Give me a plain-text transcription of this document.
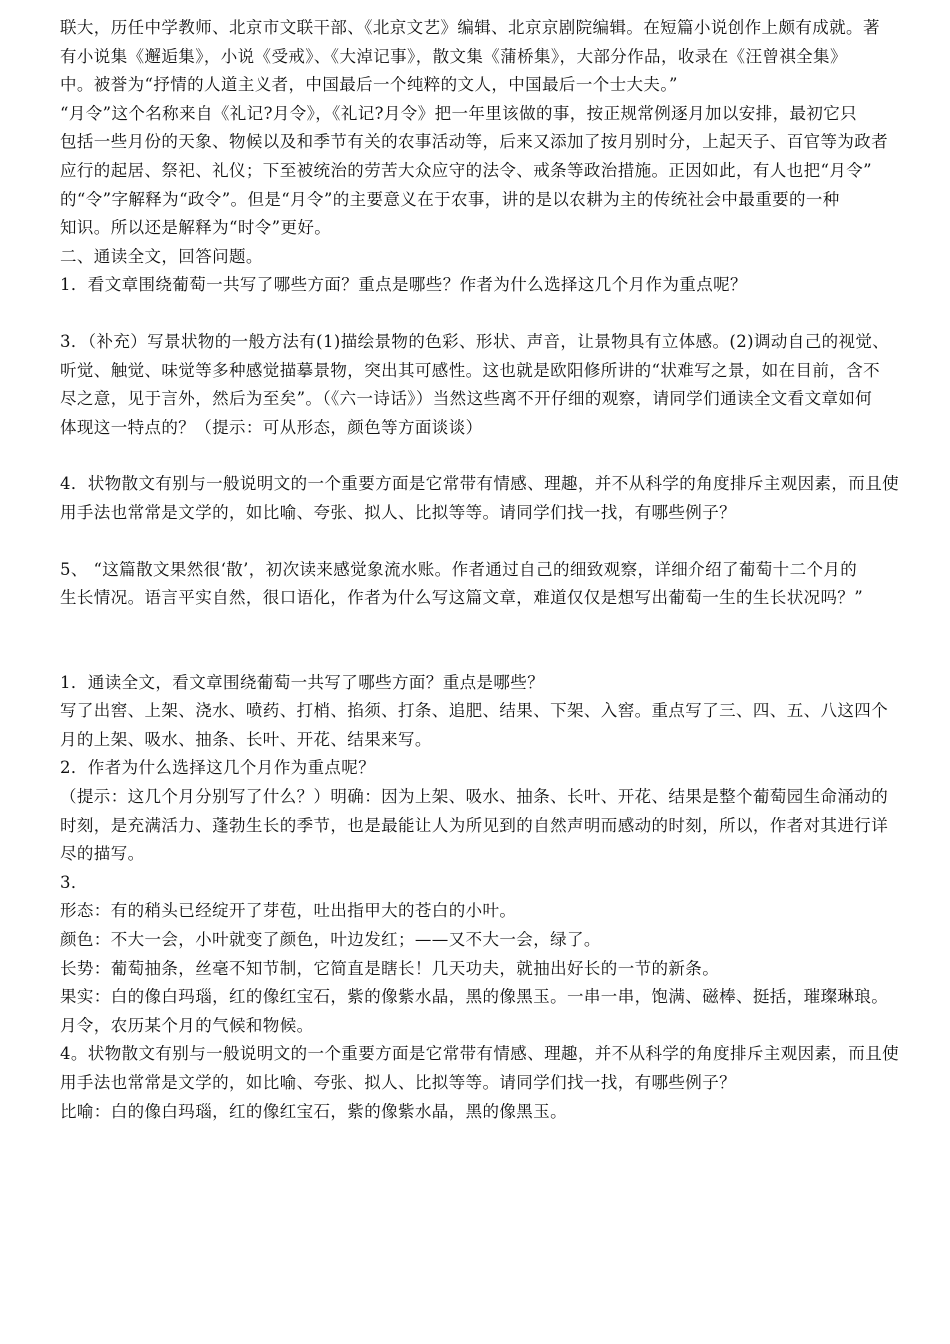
联大，历任中学教师、北京市文联干部、《北京文艺》编辑、北京京剧院编辑。在短篇小说创作上颇有成就。著
有小说集《邂逅集》，小说《受戒》、《大淖记事》，散文集《蒲桥集》，大部分作品，收录在《汪曾祺全集》
中。被誉为“抒情的人道主义者，中国最后一个纯粹的文人，中国最后一个士大夫。”
“月令”这个名称来自《礼记?月令》，《礼记?月令》把一年里该做的事，按正规常例逐月加以安排，最初它只
包括一些月份的天象、物候以及和季节有关的农事活动等，后来又添加了按月别时分，上起天子、百官等为政者
应行的起居、祭祀、礼仪；下至被统治的劳苦大众应守的法令、戒条等政治措施。正因如此，有人也把“月令”
的“令”字解释为“政令”。但是“月令”的主要意义在于农事，讲的是以农耕为主的传统社会中最重要的一种
知识。所以还是解释为“时令”更好。
二、通读全文，回答问题。
1．看文章围绕葡萄一共写了哪些方面？重点是哪些？作者为什么选择这几个月作为重点呢？
3．（补充）写景状物的一般方法有(1)描绘景物的色彩、形状、声音，让景物具有立体感。(2)调动自己的视觉、
听觉、触觉、味觉等多种感觉描摹景物，突出其可感性。这也就是欧阳修所讲的“状难写之景，如在目前，含不
尽之意，见于言外，然后为至矣”。（《六一诗话》）当然这些离不开仔细的观察，请同学们通读全文看文章如何
体现这一特点的？（提示：可从形态，颜色等方面谈谈）
4．状物散文有别与一般说明文的一个重要方面是它常带有情感、理趣，并不从科学的角度排斥主观因素，而且使
用手法也常常是文学的，如比喻、夸张、拟人、比拟等等。请同学们找一找，有哪些例子？
5、 “这篇散文果然很‘散’，初次读来感觉象流水账。作者通过自己的细致观察，详细介绍了葡萄十二个月的
生长情况。语言平实自然，很口语化，作者为什么写这篇文章，难道仅仅是想写出葡萄一生的生长状况吗？”
1．通读全文，看文章围绕葡萄一共写了哪些方面？重点是哪些？
写了出窖、上架、浇水、喷药、打梢、掐须、打条、追肥、结果、下架、入窖。重点写了三、四、五、八这四个
月的上架、吸水、抽条、长叶、开花、结果来写。
2．作者为什么选择这几个月作为重点呢？
（提示：这几个月分别写了什么？）明确：因为上架、吸水、抽条、长叶、开花、结果是整个葡萄园生命涌动的
时刻，是充满活力、蓬勃生长的季节，也是最能让人为所见到的自然声明而感动的时刻，所以，作者对其进行详
尽的描写。
3．
形态：有的稍头已经绽开了芽苞，吐出指甲大的苍白的小叶。
颜色：不大一会，小叶就变了颜色，叶边发红；——又不大一会，绿了。
长势：葡萄抽条，丝毫不知节制，它简直是瞎长！几天功夫，就抽出好长的一节的新条。
果实：白的像白玛瑙，红的像红宝石，紫的像紫水晶，黑的像黑玉。一串一串，饱满、磁棒、挺括，璀璨琳琅。
月令，农历某个月的气候和物候。
4。状物散文有别与一般说明文的一个重要方面是它常带有情感、理趣，并不从科学的角度排斥主观因素，而且使
用手法也常常是文学的，如比喻、夸张、拟人、比拟等等。请同学们找一找，有哪些例子？
比喻：白的像白玛瑙，红的像红宝石，紫的像紫水晶，黑的像黑玉。
